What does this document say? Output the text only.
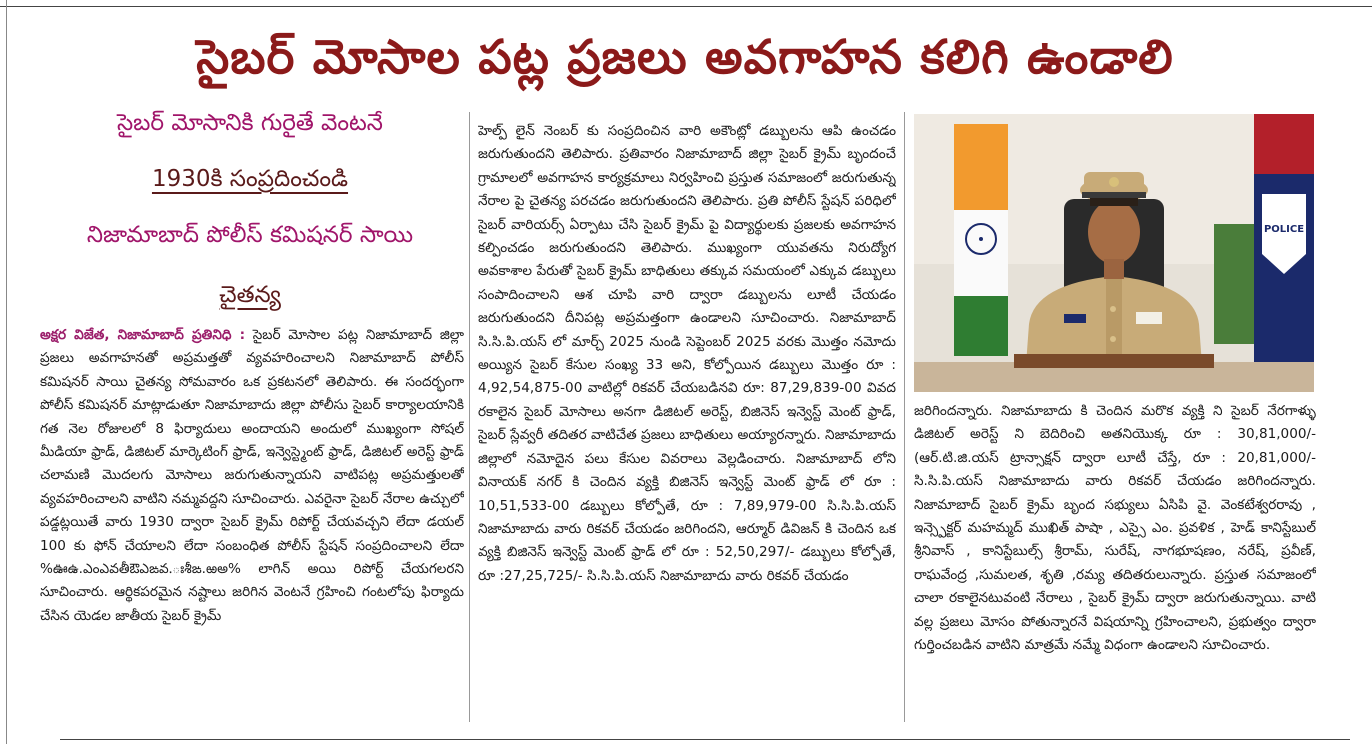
సైబర్ మోసాల పట్ల ప్రజలు అవగాహన కలిగి ఉండాలి
సైబర్ మోసానికి గురైతే వెంటనే
1930కి సంప్రదించండి
నిజామాబాద్ పోలీస్ కమిషనర్ సాయి
చైతన్య

అక్షర విజేత, నిజామాబాద్ ప్రతినిధి : సైబర్ మోసాల పట్ల నిజామాబాద్ జిల్లా ప్రజలు అవగాహనతో అప్రమత్తతో వ్యవహరించాలని నిజామాబాద్ పోలీస్ కమిషనర్ సాయి చైతన్య సోమవారం ఒక ప్రకటనలో తెలిపారు. ఈ సందర్భంగా పోలీస్ కమిషనర్ మాట్లాడుతూ నిజామాబాదు జిల్లా పోలీసు సైబర్ కార్యాలయానికి గత నెల రోజులలో 8 ఫిర్యాదులు అందాయని అందులో ముఖ్యంగా సోషల్ మీడియా ఫ్రాడ్, డిజిటల్ మార్కెటింగ్ ఫ్రాడ్, ఇన్వెస్ట్మెంట్ ఫ్రాడ్, డిజిటల్ అరెస్ట్ ఫ్రాడ్ చలామణి మొదలగు మోసాలు జరుగుతున్నాయని వాటిపట్ల అప్రమత్తులతో వ్యవహరించాలని వాటిని నమ్మవద్దని సూచించారు. ఎవరైనా సైబర్ నేరాల ఉచ్చులో పడ్డట్లయితే వారు 1930 ద్వారా సైబర్ క్రైమ్ రిపోర్ట్ చేయవచ్చని లేదా డయల్ 100 కు ఫోన్ చేయాలని లేదా సంబంధిత పోలీస్ స్టేషన్ సంప్రదించాలని లేదా %ఊఉ.ఎంఎవతీఔఎఙవ.ఃశీఙ.ఱఅ% లాగిన్ అయి రిపోర్ట్ చేయగలరని సూచించారు. ఆర్థికపరమైన నష్టాలు జరిగిన వెంటనే గ్రహించి గంటలోపు ఫిర్యాదు చేసిన యెడల జాతీయ సైబర్ క్రైమ్

హెల్ప్ లైన్ నెంబర్ కు సంప్రదించిన వారి అకౌంట్లో డబ్బులను ఆపి ఉంచడం జరుగుతుందని తెలిపారు. ప్రతివారం నిజామాబాద్ జిల్లా సైబర్ క్రైమ్ బృందంచే గ్రామాలలో అవగాహన కార్యక్రమాలు నిర్వహించి ప్రస్తుత సమాజంలో జరుగుతున్న నేరాల పై చైతన్య పరచడం జరుగుతుందని తెలిపారు. ప్రతి పోలీస్ స్టేషన్ పరిధిలో సైబర్ వారియర్స్ ఏర్పాటు చేసి సైబర్ క్రైమ్ పై విద్యార్థులకు ప్రజలకు అవగాహన కల్పించడం జరుగుతుందని తెలిపారు. ముఖ్యంగా యువతను నిరుద్యోగ అవకాశాల పేరుతో సైబర్ క్రైమ్ బాధితులు తక్కువ సమయంలో ఎక్కువ డబ్బులు సంపాదించాలని ఆశ చూపి వారి ద్వారా డబ్బులను లూటీ చేయడం జరుగుతుందని దీనిపట్ల అప్రమత్తంగా ఉండాలని సూచించారు. నిజామాబాద్ సి.సి.పి.యస్ లో మార్చ్ 2025 నుండి సెప్టెంబర్ 2025 వరకు మొత్తం నమోదు అయ్యిన సైబర్ కేసుల సంఖ్య 33 అని, కోల్పోయిన డబ్బులు మొత్తం రూ : 4,92,54,875-00 వాటిల్లో రికవర్ చేయబడినవి రూ: 87,29,839-00 వివద రకాలైన సైబర్ మోసాలు అనగా డిజిటల్ అరెస్ట్, బిజినెస్ ఇన్వెస్ట్ మెంట్ ఫ్రాడ్, సైబర్ స్లేవ్వరీ తదితర వాటిచేత ప్రజలు బాధితులు అయ్యారన్నారు. నిజామాబాదు జిల్లాలో నమోదైన పలు కేసుల వివరాలు వెల్లడించారు. నిజామాబాద్ లోని వినాయక్ నగర్ కి చెందిన వ్యక్తి బిజినెస్ ఇన్వెస్ట్ మెంట్ ఫ్రాడ్ లో రూ : 10,51,533-00 డబ్బులు కోల్పోతే, రూ : 7,89,979-00 సి.సి.పి.యస్ నిజామాబాదు వారు రికవర్ చేయడం జరిగిందని, ఆర్మూర్ డివిజన్ కి చెందిన ఒక వ్యక్తి బిజినెస్ ఇన్వెస్ట్ మెంట్ ఫ్రాడ్ లో రూ : 52,50,297/- డబ్బులు కోల్పోతే, రూ :27,25,725/- సి.సి.పి.యస్ నిజామాబాదు వారు రికవర్ చేయడం

POLICE

జరిగిందన్నారు. నిజామాబాదు కి చెందిన మరొక వ్యక్తి ని సైబర్ నేరగాళ్ళు డిజిటల్ అరెస్ట్ ని బెదిరించి అతనియొక్క రూ : 30,81,000/- (ఆర్.టి.జి.యస్ ట్రాన్సాక్షన్ ద్వారా లూటీ చేస్తే, రూ : 20,81,000/- సి.సి.పి.యస్ నిజామాబాదు వారు రికవర్ చేయడం జరిగిందన్నారు. నిజామాబాద్ సైబర్ క్రైమ్ బృంద సభ్యులు ఏసిపి వై. వెంకటేశ్వరరావు , ఇన్స్పెక్టర్ మహమ్మద్ ముఖిత్ పాషా , ఎస్సై ఎం. ప్రవళిక , హెడ్ కానిస్టేబుల్ శ్రీనివాస్ , కానిస్టేబుల్స్ శ్రీరామ్, సురేష్, నాగభూషణం, నరేష్, ప్రవీణ్, రాఘవేంద్ర ,సుమలత, శృతి ,రమ్య తదితరులున్నారు. ప్రస్తుత సమాజంలో చాలా రకాలైనటువంటి నేరాలు , సైబర్ క్రైమ్ ద్వారా జరుగుతున్నాయి. వాటి వల్ల ప్రజలు మోసం పోతున్నారనే విషయాన్ని గ్రహించాలని, ప్రభుత్వం ద్వారా గుర్తించబడిన వాటిని మాత్రమే నమ్మే విధంగా ఉండాలని సూచించారు.
